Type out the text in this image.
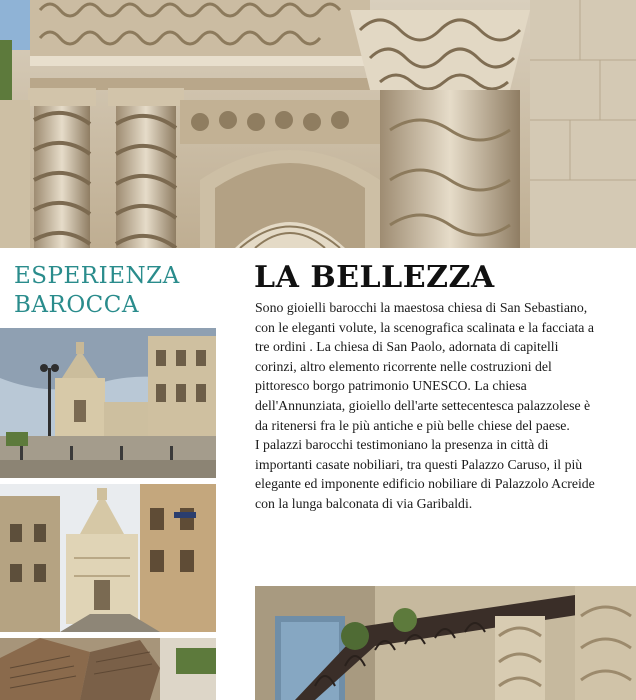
ESPERIENZA
BAROCCA
LA BELLEZZA

Sono gioielli barocchi la maestosa chiesa di San Sebastiano, con le eleganti volute, la scenografica scalinata e la facciata a tre ordini . La chiesa di San Paolo, adornata di capitelli corinzi, altro elemento ricorrente nelle costruzioni del pittoresco borgo patrimonio UNESCO. La chiesa dell'Annunziata, gioiello dell'arte settecentesca palazzolese è da ritenersi fra le più antiche e più belle chiese del paese.

I palazzi barocchi testimoniano la presenza in città di importanti casate nobiliari, tra questi Palazzo Caruso, il più elegante ed imponente edificio nobiliare di Palazzolo Acreide con la lunga balconata di via Garibaldi.
